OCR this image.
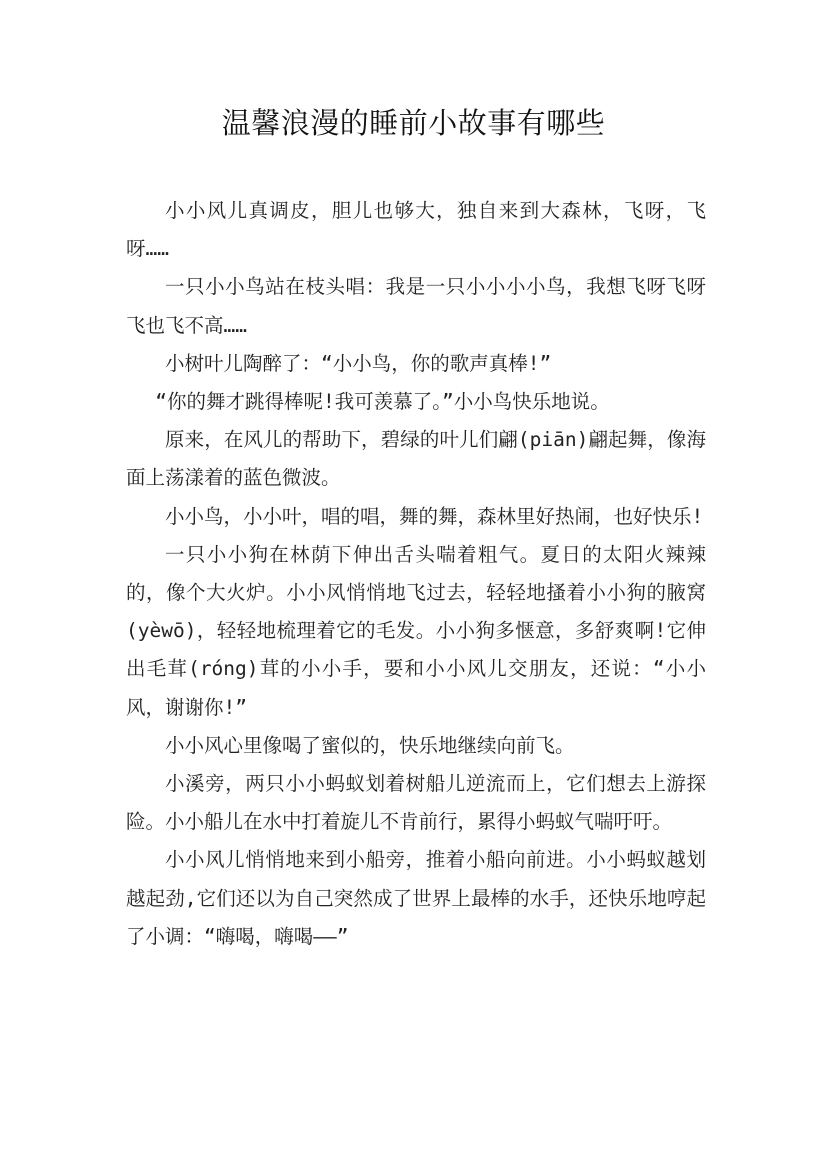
温馨浪漫的睡前小故事有哪些

小小风儿真调皮，胆儿也够大，独自来到大森林，飞呀，飞呀……

一只小小鸟站在枝头唱：我是一只小小小小鸟，我想飞呀飞呀飞也飞不高……

小树叶儿陶醉了：“小小鸟，你的歌声真棒!”

“你的舞才跳得棒呢!我可羡慕了。”小小鸟快乐地说。

原来，在风儿的帮助下，碧绿的叶儿们翩(piān)翩起舞，像海面上荡漾着的蓝色微波。

小小鸟，小小叶，唱的唱，舞的舞，森林里好热闹，也好快乐!

一只小小狗在林荫下伸出舌头喘着粗气。夏日的太阳火辣辣的，像个大火炉。小小风悄悄地飞过去，轻轻地搔着小小狗的腋窝(yèwō)，轻轻地梳理着它的毛发。小小狗多惬意，多舒爽啊!它伸出毛茸(róng)茸的小小手，要和小小风儿交朋友，还说：“小小风，谢谢你!”

小小风心里像喝了蜜似的，快乐地继续向前飞。

小溪旁，两只小小蚂蚁划着树船儿逆流而上，它们想去上游探险。小小船儿在水中打着旋儿不肯前行，累得小蚂蚁气喘吁吁。

小小风儿悄悄地来到小船旁，推着小船向前进。小小蚂蚁越划越起劲,它们还以为自己突然成了世界上最棒的水手，还快乐地哼起了小调：“嗨喝，嗨喝——”
